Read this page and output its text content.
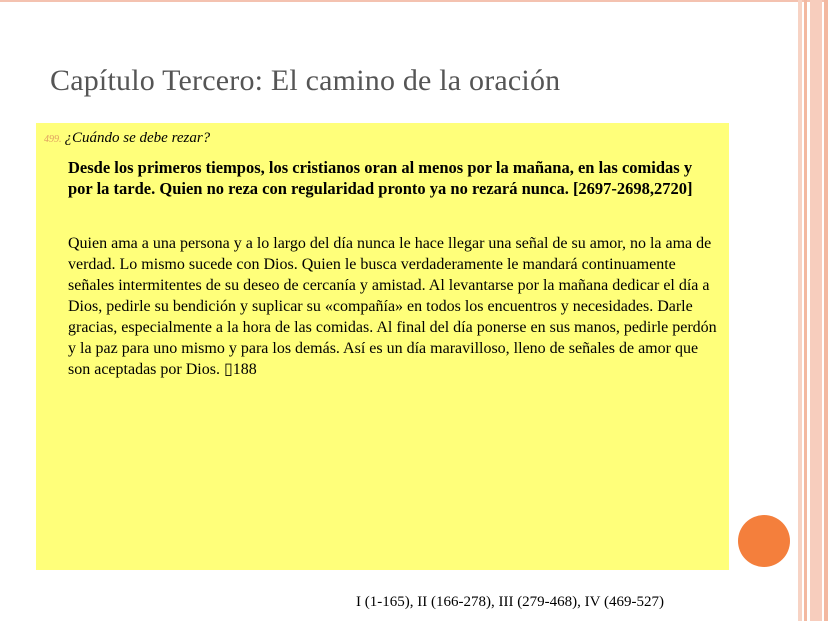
Capítulo Tercero: El camino de la oración
499. ¿Cuándo se debe rezar?
Desde los primeros tiempos, los cristianos oran al menos por la mañana, en las comidas y por la tarde. Quien no reza con regularidad pronto ya no rezará nunca. [2697-2698,2720]
Quien ama a una persona y a lo largo del día nunca le hace llegar una señal de su amor, no la ama de verdad. Lo mismo sucede con Dios. Quien le busca verdaderamente le mandará continuamente señales intermitentes de su deseo de cercanía y amistad. Al levantarse por la mañana dedicar el día a Dios, pedirle su bendición y suplicar su «compañía» en todos los encuentros y necesidades. Darle gracias, especialmente a la hora de las comidas. Al final del día ponerse en sus manos, pedirle perdón y la paz para uno mismo y para los demás. Así es un día maravilloso, lleno de señales de amor que son aceptadas por Dios. ▯188
I (1-165), II (166-278), III (279-468), IV (469-527)
